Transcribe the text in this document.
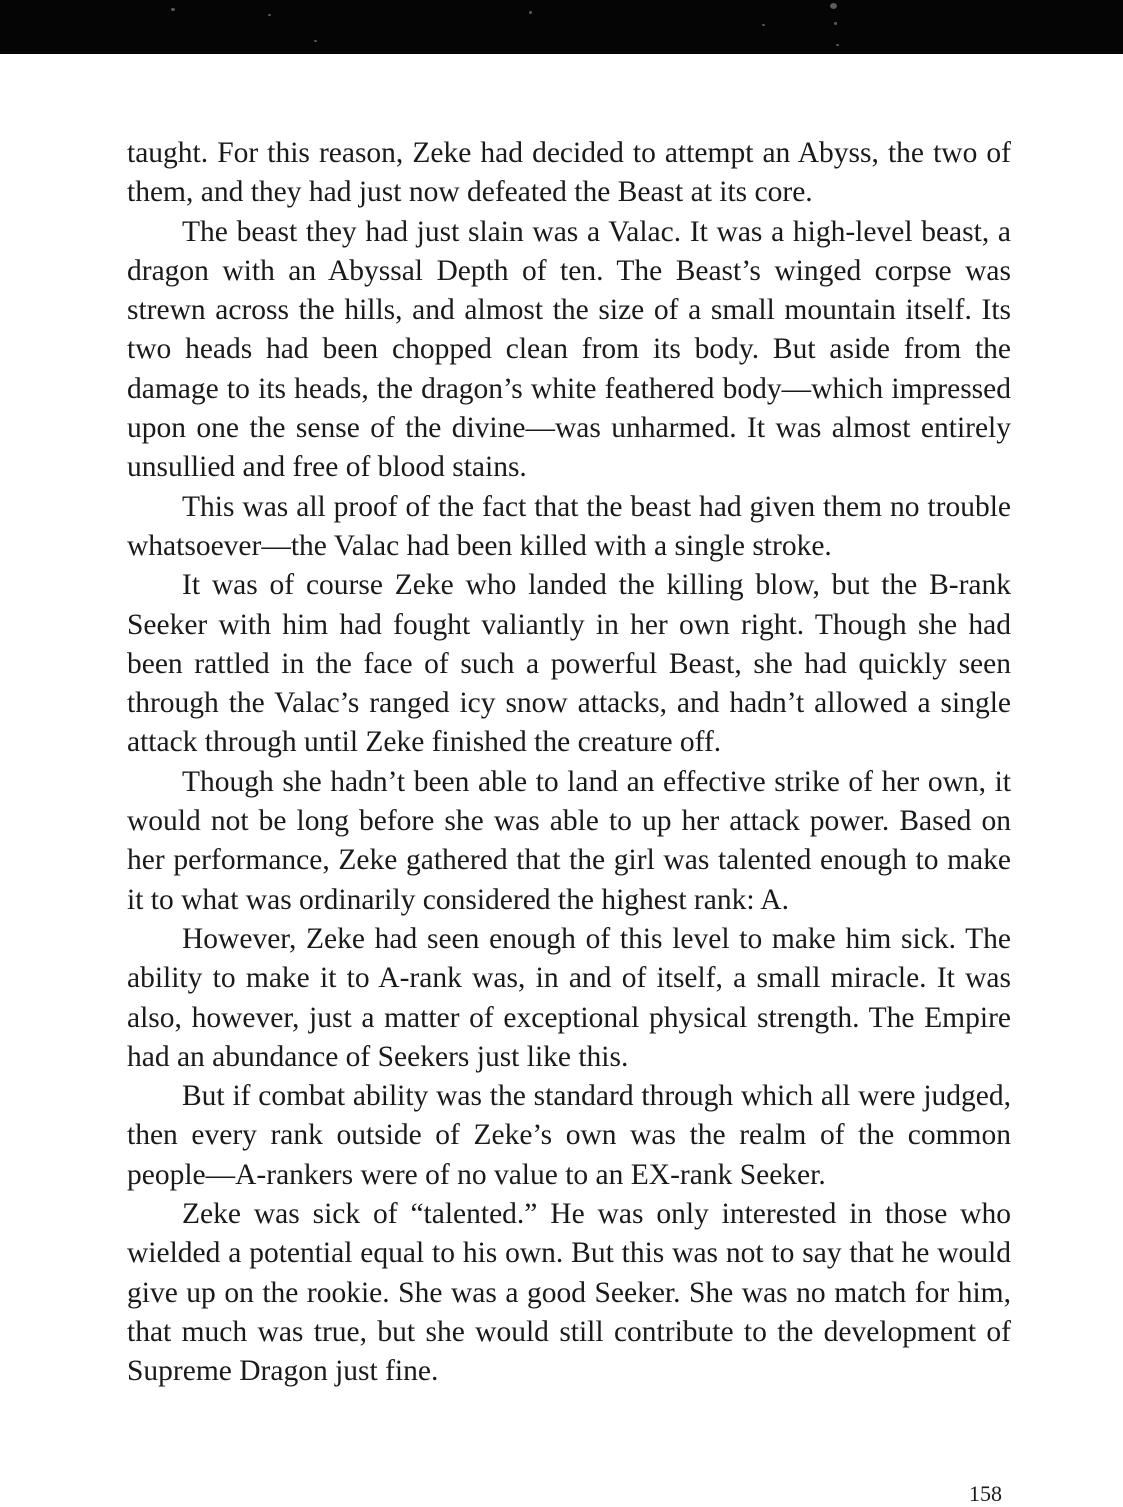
taught. For this reason, Zeke had decided to attempt an Abyss, the two of them, and they had just now defeated the Beast at its core.

The beast they had just slain was a Valac. It was a high-level beast, a dragon with an Abyssal Depth of ten. The Beast’s winged corpse was strewn across the hills, and almost the size of a small mountain itself. Its two heads had been chopped clean from its body. But aside from the damage to its heads, the dragon’s white feathered body—which impressed upon one the sense of the divine—was unharmed. It was almost entirely unsullied and free of blood stains.

This was all proof of the fact that the beast had given them no trouble whatsoever—the Valac had been killed with a single stroke.

It was of course Zeke who landed the killing blow, but the B-rank Seeker with him had fought valiantly in her own right. Though she had been rattled in the face of such a powerful Beast, she had quickly seen through the Valac’s ranged icy snow attacks, and hadn’t allowed a single attack through until Zeke finished the creature off.

Though she hadn’t been able to land an effective strike of her own, it would not be long before she was able to up her attack power. Based on her performance, Zeke gathered that the girl was talented enough to make it to what was ordinarily considered the highest rank: A.

However, Zeke had seen enough of this level to make him sick. The ability to make it to A-rank was, in and of itself, a small miracle. It was also, however, just a matter of exceptional physical strength. The Empire had an abundance of Seekers just like this.

But if combat ability was the standard through which all were judged, then every rank outside of Zeke’s own was the realm of the common people—A-rankers were of no value to an EX-rank Seeker.

Zeke was sick of “talented.” He was only interested in those who wielded a potential equal to his own. But this was not to say that he would give up on the rookie. She was a good Seeker. She was no match for him, that much was true, but she would still contribute to the development of Supreme Dragon just fine.

158
